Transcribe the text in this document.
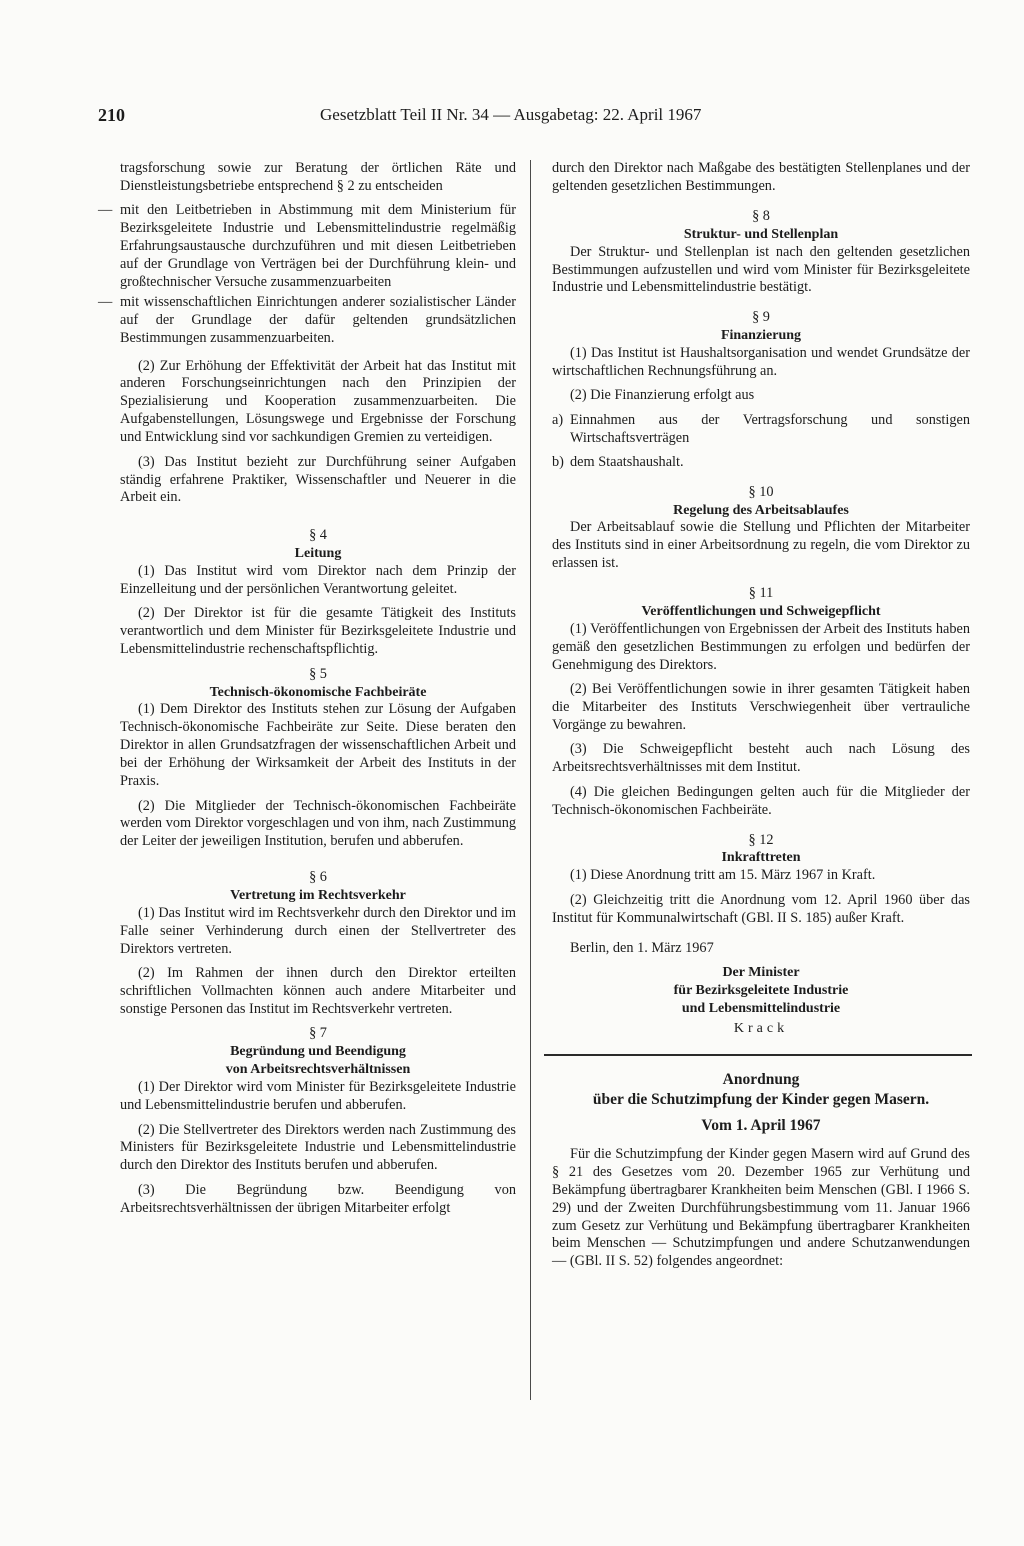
210	Gesetzblatt Teil II Nr. 34 — Ausgabetag: 22. April 1967

tragsforschung sowie zur Beratung der örtlichen Räte und Dienstleistungsbetriebe entsprechend § 2 zu entscheiden

— mit den Leitbetrieben in Abstimmung mit dem Ministerium für Bezirksgeleitete Industrie und Lebensmittelindustrie regelmäßig Erfahrungsaustausche durchzuführen und mit diesen Leitbetrieben auf der Grundlage von Verträgen bei der Durchführung klein- und großtechnischer Versuche zusammenzuarbeiten

— mit wissenschaftlichen Einrichtungen anderer sozialistischer Länder auf der Grundlage der dafür geltenden grundsätzlichen Bestimmungen zusammenzuarbeiten.

(2) Zur Erhöhung der Effektivität der Arbeit hat das Institut mit anderen Forschungseinrichtungen nach den Prinzipien der Spezialisierung und Kooperation zusammenzuarbeiten. Die Aufgabenstellungen, Lösungswege und Ergebnisse der Forschung und Entwicklung sind vor sachkundigen Gremien zu verteidigen.

(3) Das Institut bezieht zur Durchführung seiner Aufgaben ständig erfahrene Praktiker, Wissenschaftler und Neuerer in die Arbeit ein.

§ 4
Leitung

(1) Das Institut wird vom Direktor nach dem Prinzip der Einzelleitung und der persönlichen Verantwortung geleitet.

(2) Der Direktor ist für die gesamte Tätigkeit des Instituts verantwortlich und dem Minister für Bezirksgeleitete Industrie und Lebensmittelindustrie rechenschaftspflichtig.

§ 5
Technisch-ökonomische Fachbeiräte

(1) Dem Direktor des Instituts stehen zur Lösung der Aufgaben Technisch-ökonomische Fachbeiräte zur Seite. Diese beraten den Direktor in allen Grundsatzfragen der wissenschaftlichen Arbeit und bei der Erhöhung der Wirksamkeit der Arbeit des Instituts in der Praxis.

(2) Die Mitglieder der Technisch-ökonomischen Fachbeiräte werden vom Direktor vorgeschlagen und von ihm, nach Zustimmung der Leiter der jeweiligen Institution, berufen und abberufen.

§ 6
Vertretung im Rechtsverkehr

(1) Das Institut wird im Rechtsverkehr durch den Direktor und im Falle seiner Verhinderung durch einen der Stellvertreter des Direktors vertreten.

(2) Im Rahmen der ihnen durch den Direktor erteilten schriftlichen Vollmachten können auch andere Mitarbeiter und sonstige Personen das Institut im Rechtsverkehr vertreten.

§ 7
Begründung und Beendigung
von Arbeitsrechtsverhältnissen

(1) Der Direktor wird vom Minister für Bezirksgeleitete Industrie und Lebensmittelindustrie berufen und abberufen.

(2) Die Stellvertreter des Direktors werden nach Zustimmung des Ministers für Bezirksgeleitete Industrie und Lebensmittelindustrie durch den Direktor des Instituts berufen und abberufen.

(3) Die Begründung bzw. Beendigung von Arbeitsrechtsverhältnissen der übrigen Mitarbeiter erfolgt

durch den Direktor nach Maßgabe des bestätigten Stellenplanes und der geltenden gesetzlichen Bestimmungen.

§ 8
Struktur- und Stellenplan

Der Struktur- und Stellenplan ist nach den geltenden gesetzlichen Bestimmungen aufzustellen und wird vom Minister für Bezirksgeleitete Industrie und Lebensmittelindustrie bestätigt.

§ 9
Finanzierung

(1) Das Institut ist Haushaltsorganisation und wendet Grundsätze der wirtschaftlichen Rechnungsführung an.

(2) Die Finanzierung erfolgt aus

a) Einnahmen aus der Vertragsforschung und sonstigen Wirtschaftsverträgen

b) dem Staatshaushalt.

§ 10
Regelung des Arbeitsablaufes

Der Arbeitsablauf sowie die Stellung und Pflichten der Mitarbeiter des Instituts sind in einer Arbeitsordnung zu regeln, die vom Direktor zu erlassen ist.

§ 11
Veröffentlichungen und Schweigepflicht

(1) Veröffentlichungen von Ergebnissen der Arbeit des Instituts haben gemäß den gesetzlichen Bestimmungen zu erfolgen und bedürfen der Genehmigung des Direktors.

(2) Bei Veröffentlichungen sowie in ihrer gesamten Tätigkeit haben die Mitarbeiter des Instituts Verschwiegenheit über vertrauliche Vorgänge zu bewahren.

(3) Die Schweigepflicht besteht auch nach Lösung des Arbeitsrechtsverhältnisses mit dem Institut.

(4) Die gleichen Bedingungen gelten auch für die Mitglieder der Technisch-ökonomischen Fachbeiräte.

§ 12
Inkrafttreten

(1) Diese Anordnung tritt am 15. März 1967 in Kraft.

(2) Gleichzeitig tritt die Anordnung vom 12. April 1960 über das Institut für Kommunalwirtschaft (GBl. II S. 185) außer Kraft.

Berlin, den 1. März 1967

Der Minister
für Bezirksgeleitete Industrie
und Lebensmittelindustrie
Krack
Anordnung
über die Schutzimpfung der Kinder gegen Masern.
Vom 1. April 1967

Für die Schutzimpfung der Kinder gegen Masern wird auf Grund des § 21 des Gesetzes vom 20. Dezember 1965 zur Verhütung und Bekämpfung übertragbarer Krankheiten beim Menschen (GBl. I 1966 S. 29) und der Zweiten Durchführungsbestimmung vom 11. Januar 1966 zum Gesetz zur Verhütung und Bekämpfung übertragbarer Krankheiten beim Menschen — Schutzimpfungen und andere Schutzanwendungen — (GBl. II S. 52) folgendes angeordnet:
